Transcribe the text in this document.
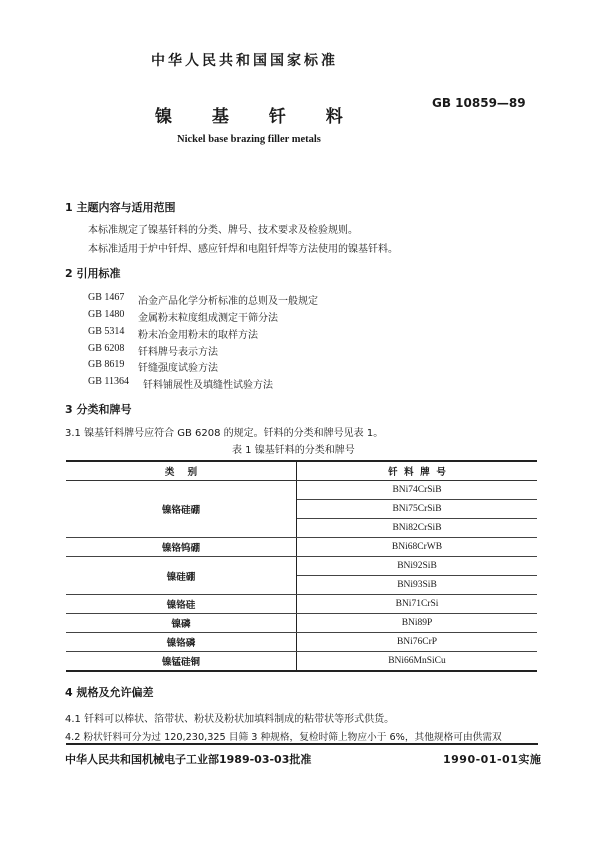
中华人民共和国国家标准
镍 基 钎 料
GB 10859—89
Nickel base brazing filler metals
1 主题内容与适用范围
本标准规定了镍基钎料的分类、牌号、技术要求及检验规则。
本标准适用于炉中钎焊、感应钎焊和电阻钎焊等方法使用的镍基钎料。
2 引用标准
GB 1467 冶金产品化学分析标准的总则及一般规定
GB 1480 金属粉末粒度组成测定干筛分法
GB 5314 粉末冶金用粉末的取样方法
GB 6208 钎料牌号表示方法
GB 8619 钎缝强度试验方法
GB 11364 钎料铺展性及填缝性试验方法
3 分类和牌号
3.1 镍基钎料牌号应符合 GB 6208 的规定。钎料的分类和牌号见表 1。
表 1 镍基钎料的分类和牌号
类    别	钎  料  牌  号
镍铬硅硼	BNi74CrSiB
	BNi75CrSiB
	BNi82CrSiB
镍铬钨硼	BNi68CrWB
镍硅硼	BNi92SiB
	BNi93SiB
镍铬硅	BNi71CrSi
镍磷	BNi89P
镍铬磷	BNi76CrP
镍锰硅铜	BNi66MnSiCu
4 规格及允许偏差
4.1 钎料可以棒状、箔带状、粉状及粉状加填料制成的粘带状等形式供货。
4.2 粉状钎料可分为过 120,230,325 目筛 3 种规格，复检时筛上物应小于 6%，其他规格可由供需双
中华人民共和国机械电子工业部1989-03-03批准	1990-01-01实施
